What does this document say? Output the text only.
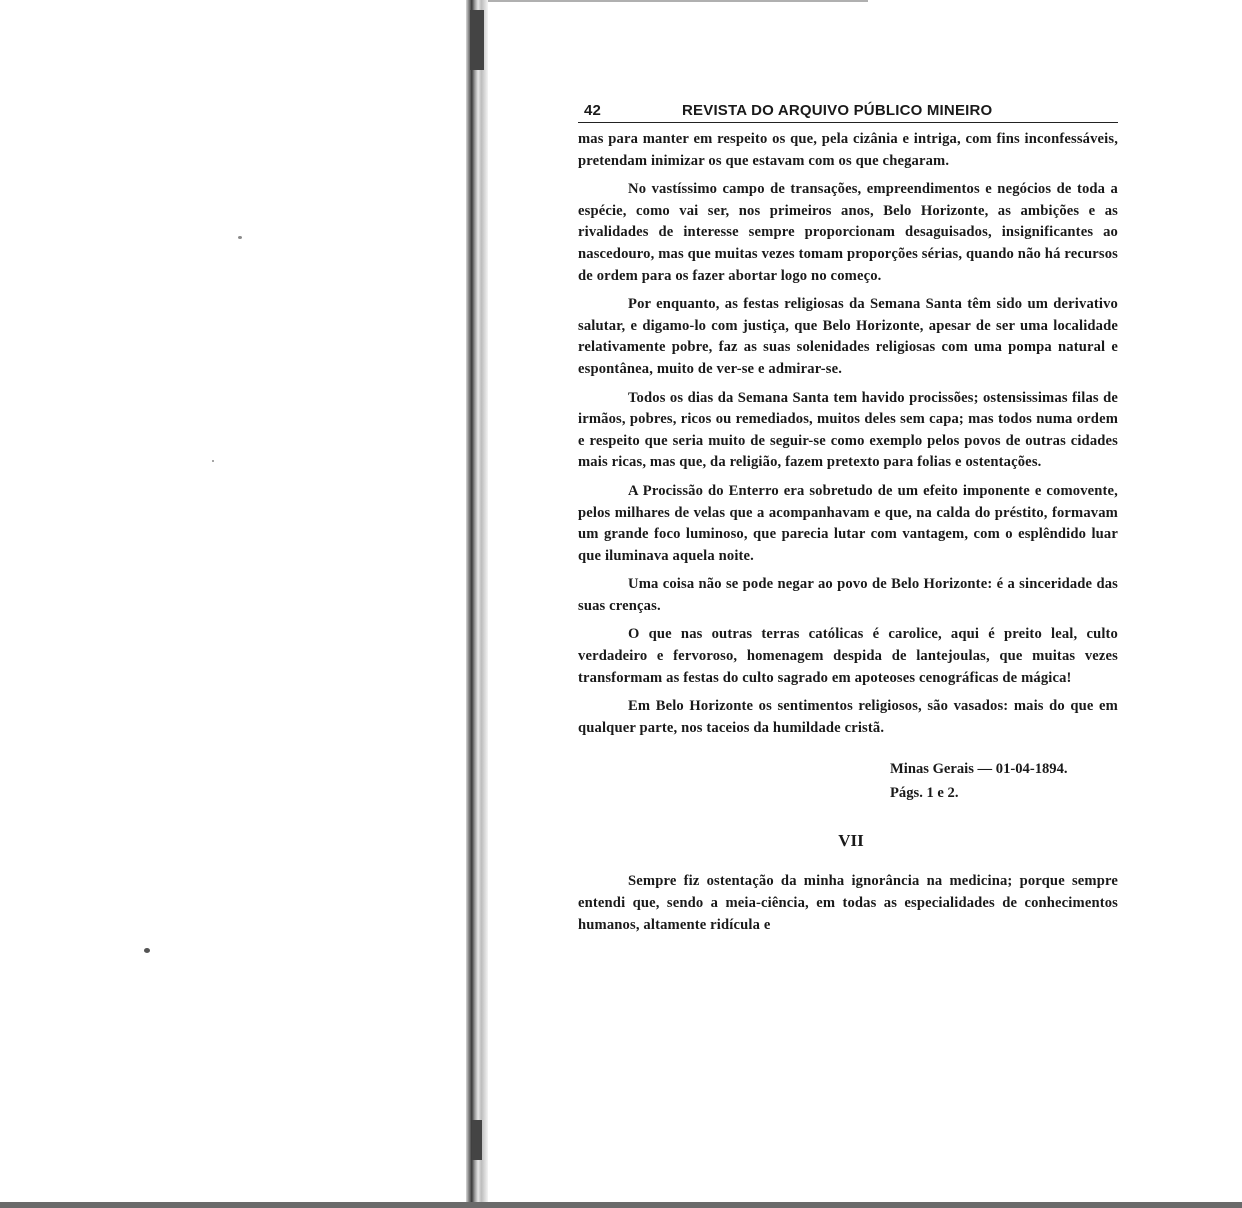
42	REVISTA DO ARQUIVO PÚBLICO MINEIRO

mas para manter em respeito os que, pela cizânia e intriga, com fins inconfessáveis, pretendam inimizar os que estavam com os que chegaram.

No vastíssimo campo de transações, empreendimentos e negócios de toda a espécie, como vai ser, nos primeiros anos, Belo Horizonte, as ambições e as rivalidades de interesse sempre proporcionam desaguisados, insignificantes ao nascedouro, mas que muitas vezes tomam proporções sérias, quando não há recursos de ordem para os fazer abortar logo no começo.

Por enquanto, as festas religiosas da Semana Santa têm sido um derivativo salutar, e digamo-lo com justiça, que Belo Horizonte, apesar de ser uma localidade relativamente pobre, faz as suas solenidades religiosas com uma pompa natural e espontânea, muito de ver-se e admirar-se.

Todos os dias da Semana Santa tem havido procissões; ostensissimas filas de irmãos, pobres, ricos ou remediados, muitos deles sem capa; mas todos numa ordem e respeito que seria muito de seguir-se como exemplo pelos povos de outras cidades mais ricas, mas que, da religião, fazem pretexto para folias e ostentações.

A Procissão do Enterro era sobretudo de um efeito imponente e comovente, pelos milhares de velas que a acompanhavam e que, na calda do préstito, formavam um grande foco luminoso, que parecia lutar com vantagem, com o esplêndido luar que iluminava aquela noite.

Uma coisa não se pode negar ao povo de Belo Horizonte: é a sinceridade das suas crenças.

O que nas outras terras católicas é carolice, aqui é preito leal, culto verdadeiro e fervoroso, homenagem despida de lantejoulas, que muitas vezes transformam as festas do culto sagrado em apoteoses cenográficas de mágica!

Em Belo Horizonte os sentimentos religiosos, são vasados: mais do que em qualquer parte, nos taceios da humildade cristã.

Minas Gerais — 01-04-1894.
Págs. 1 e 2.
VII

Sempre fiz ostentação da minha ignorância na medicina; porque sempre entendi que, sendo a meia-ciência, em todas as especialidades de conhecimentos humanos, altamente ridícula e
